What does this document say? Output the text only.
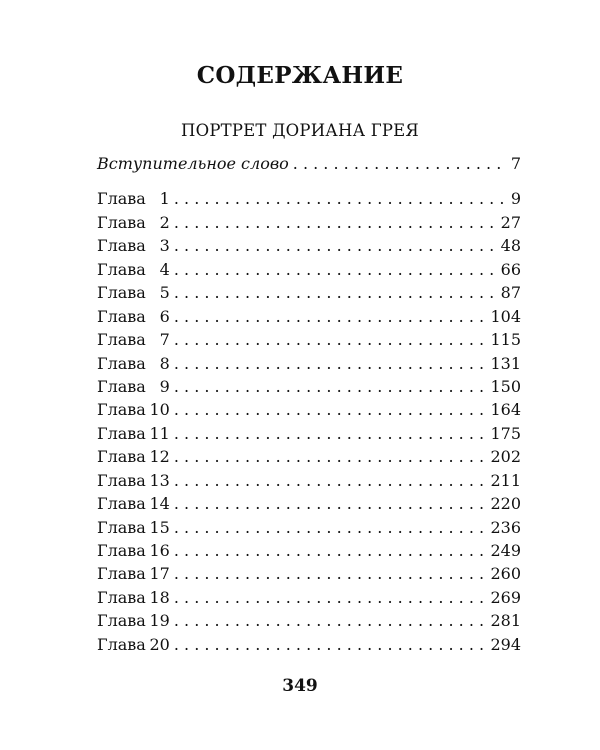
СОДЕРЖАНИЕ
ПОРТРЕТ ДОРИАНА ГРЕЯ
Вступительное слово . . .	7
Глава 1 . . .	9
Глава 2 . . .	27
Глава 3 . . .	48
Глава 4 . . .	66
Глава 5 . . .	87
Глава 6 . . .	104
Глава 7 . . .	115
Глава 8 . . .	131
Глава 9 . . .	150
Глава 10 . . .	164
Глава 11 . . .	175
Глава 12 . . .	202
Глава 13 . . .	211
Глава 14 . . .	220
Глава 15 . . .	236
Глава 16 . . .	249
Глава 17 . . .	260
Глава 18 . . .	269
Глава 19 . . .	281
Глава 20 . . .	294
349
